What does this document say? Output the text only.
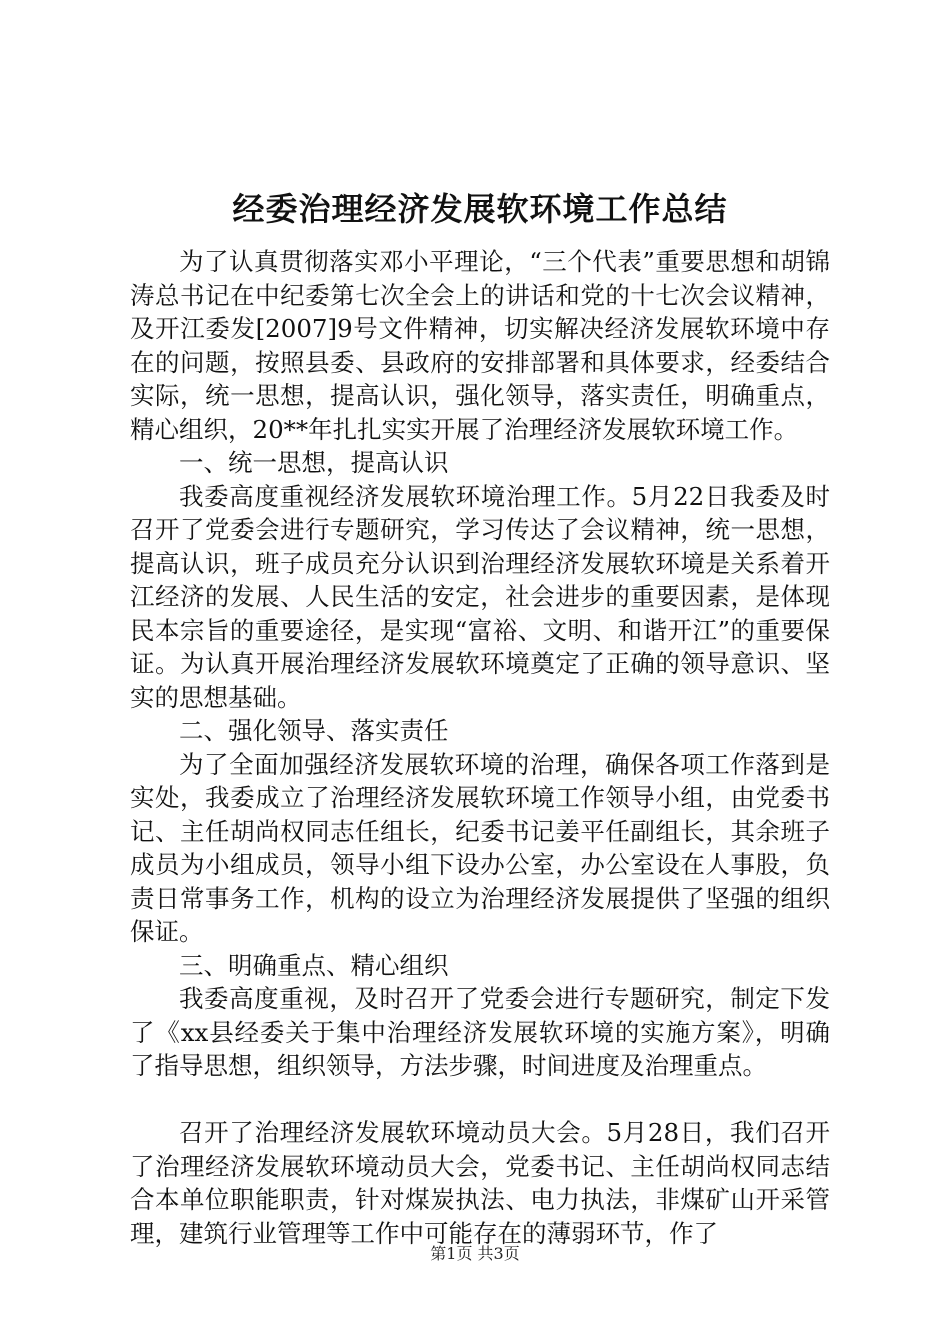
经委治理经济发展软环境工作总结

为了认真贯彻落实邓小平理论，“三个代表”重要思想和胡锦涛总书记在中纪委第七次全会上的讲话和党的十七次会议精神，及开江委发[2007]9号文件精神，切实解决经济发展软环境中存在的问题，按照县委、县政府的安排部署和具体要求，经委结合实际，统一思想，提高认识，强化领导，落实责任，明确重点，精心组织，20**年扎扎实实开展了治理经济发展软环境工作。

一、统一思想，提高认识

我委高度重视经济发展软环境治理工作。5月22日我委及时召开了党委会进行专题研究，学习传达了会议精神，统一思想，提高认识，班子成员充分认识到治理经济发展软环境是关系着开江经济的发展、人民生活的安定，社会进步的重要因素，是体现民本宗旨的重要途径，是实现“富裕、文明、和谐开江”的重要保证。为认真开展治理经济发展软环境奠定了正确的领导意识、坚实的思想基础。

二、强化领导、落实责任

为了全面加强经济发展软环境的治理，确保各项工作落到是实处，我委成立了治理经济发展软环境工作领导小组，由党委书记、主任胡尚权同志任组长，纪委书记姜平任副组长，其余班子成员为小组成员，领导小组下设办公室，办公室设在人事股，负责日常事务工作，机构的设立为治理经济发展提供了坚强的组织保证。

三、明确重点、精心组织

我委高度重视，及时召开了党委会进行专题研究，制定下发了《xx县经委关于集中治理经济发展软环境的实施方案》，明确了指导思想，组织领导，方法步骤，时间进度及治理重点。

召开了治理经济发展软环境动员大会。5月28日，我们召开了治理经济发展软环境动员大会，党委书记、主任胡尚权同志结合本单位职能职责，针对煤炭执法、电力执法，非煤矿山开采管理，建筑行业管理等工作中可能存在的薄弱环节，作了

第1页 共3页
